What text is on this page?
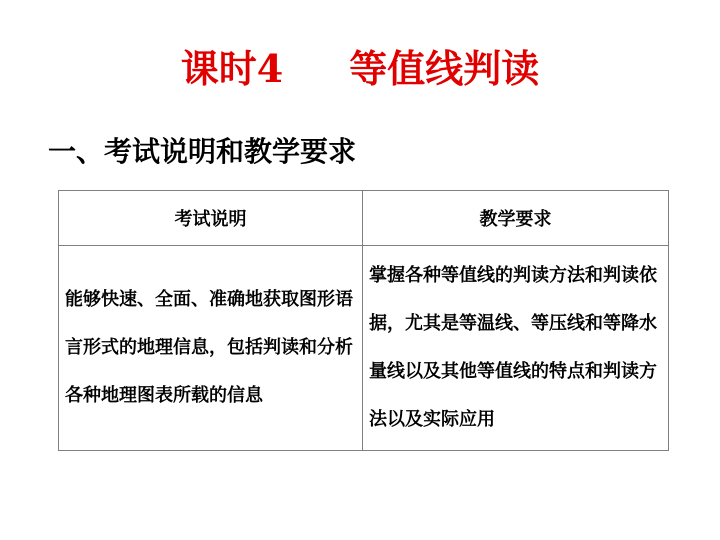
课时4     等值线判读
一、考试说明和教学要求
考试说明	教学要求
能够快速、全面、准确地获取图形语言形式的地理信息，包括判读和分析各种地理图表所载的信息	掌握各种等值线的判读方法和判读依据，尤其是等温线、等压线和等降水量线以及其他等值线的特点和判读方法以及实际应用
